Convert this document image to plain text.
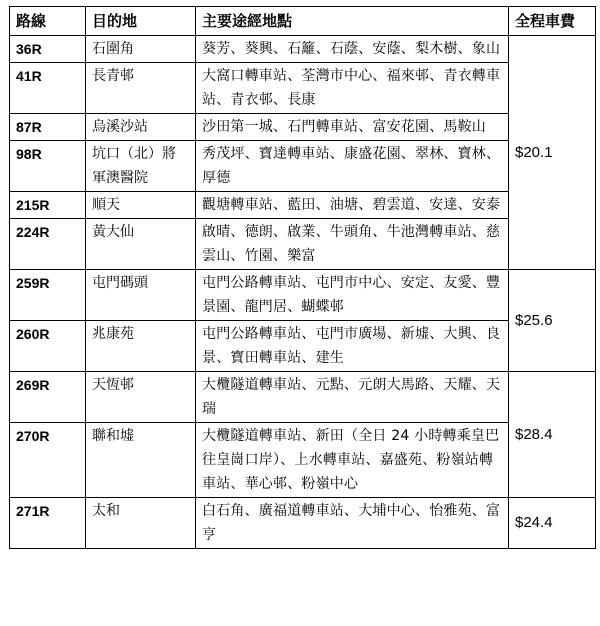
路線	目的地	主要途經地點	全程車費
36R	石圍角	葵芳、葵興、石籬、石蔭、安蔭、梨木樹、象山	$20.1
41R	長青邨	大窩口轉車站、荃灣市中心、福來邨、青衣轉車站、青衣邨、長康	
87R	烏溪沙站	沙田第一城、石門轉車站、富安花園、馬鞍山	
98R	坑口（北）將軍澳醫院	秀茂坪、寶達轉車站、康盛花園、翠林、寶林、厚德	
215R	順天	觀塘轉車站、藍田、油塘、碧雲道、安達、安泰	
224R	黃大仙	啟晴、德朗、啟業、牛頭角、牛池灣轉車站、慈雲山、竹園、樂富	
259R	屯門碼頭	屯門公路轉車站、屯門市中心、安定、友愛、豐景園、龍門居、蝴蝶邨	$25.6
260R	兆康苑	屯門公路轉車站、屯門市廣場、新墟、大興、良景、寶田轉車站、建生	
269R	天恆邨	大欖隧道轉車站、元點、元朗大馬路、天耀、天瑞	$28.4
270R	聯和墟	大欖隧道轉車站、新田（全日 24 小時轉乘皇巴往皇崗口岸）、上水轉車站、嘉盛苑、粉嶺站轉車站、華心邨、粉嶺中心	
271R	太和	白石角、廣福道轉車站、大埔中心、怡雅苑、富亨	$24.4
